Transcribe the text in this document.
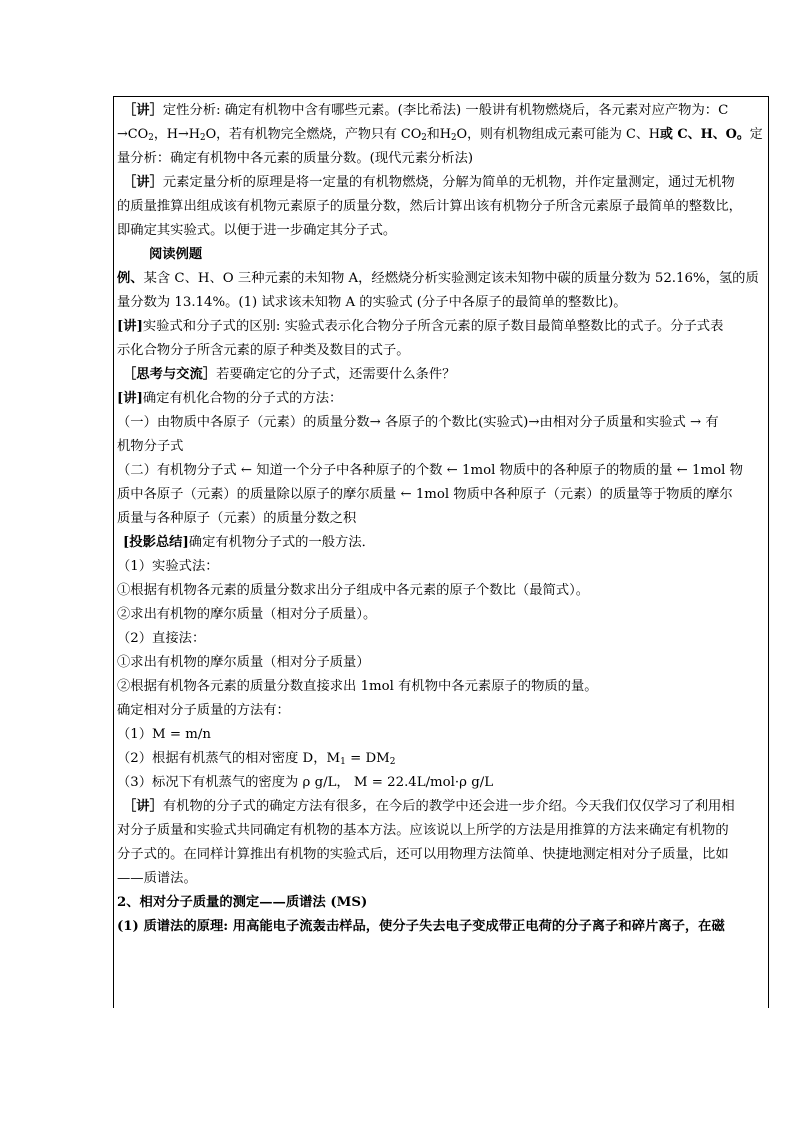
［讲］定性分析: 确定有机物中含有哪些元素。(李比希法) 一般讲有机物燃烧后，各元素对应产物为：C
$\to CO_2$，$H\to H_2O$，若有机物完全燃烧，产物只有 $CO_2$和$H_2O$，则有机物组成元素可能为 C、H或 C、H、O。定
量分析：确定有机物中各元素的质量分数。(现代元素分析法)
［讲］元素定量分析的原理是将一定量的有机物燃烧，分解为简单的无机物，并作定量测定，通过无机物
的质量推算出组成该有机物元素原子的质量分数，然后计算出该有机物分子所含元素原子最简单的整数比，
即确定其实验式。以便于进一步确定其分子式。
阅读例题
例、某含 C、H、O 三种元素的未知物 A，经燃烧分析实验测定该未知物中碳的质量分数为 52.16%，氢的质
量分数为 13.14%。(1) 试求该未知物 A 的实验式 (分子中各原子的最简单的整数比)。
[讲]实验式和分子式的区别: 实验式表示化合物分子所含元素的原子数目最简单整数比的式子。分子式表
示化合物分子所含元素的原子种类及数目的式子。
［思考与交流］若要确定它的分子式，还需要什么条件？
[讲]确定有机化合物的分子式的方法：
（一）由物质中各原子（元素）的质量分数→ 各原子的个数比(实验式)→由相对分子质量和实验式 → 有
机物分子式
（二）有机物分子式 ← 知道一个分子中各种原子的个数 ← 1mol 物质中的各种原子的物质的量 ← 1mol 物
质中各原子（元素）的质量除以原子的摩尔质量 ← 1mol 物质中各种原子（元素）的质量等于物质的摩尔
质量与各种原子（元素）的质量分数之积
[投影总结]确定有机物分子式的一般方法．
（1）实验式法：
①根据有机物各元素的质量分数求出分子组成中各元素的原子个数比（最简式）。
②求出有机物的摩尔质量（相对分子质量）。
（2）直接法：
①求出有机物的摩尔质量（相对分子质量）
②根据有机物各元素的质量分数直接求出 1mol 有机物中各元素原子的物质的量。
确定相对分子质量的方法有：
（1）M = m/n
（2）根据有机蒸气的相对密度 D，$M_1 = DM_2$
（3）标况下有机蒸气的密度为 ρ g/L， M = 22.4L/mol·ρ g/L
［讲］有机物的分子式的确定方法有很多，在今后的教学中还会进一步介绍。今天我们仅仅学习了利用相
对分子质量和实验式共同确定有机物的基本方法。应该说以上所学的方法是用推算的方法来确定有机物的
分子式的。在同样计算推出有机物的实验式后，还可以用物理方法简单、快捷地测定相对分子质量，比如
——质谱法。
2、相对分子质量的测定——质谱法 (MS)
(1) 质谱法的原理: 用高能电子流轰击样品，使分子失去电子变成带正电荷的分子离子和碎片离子，在磁
